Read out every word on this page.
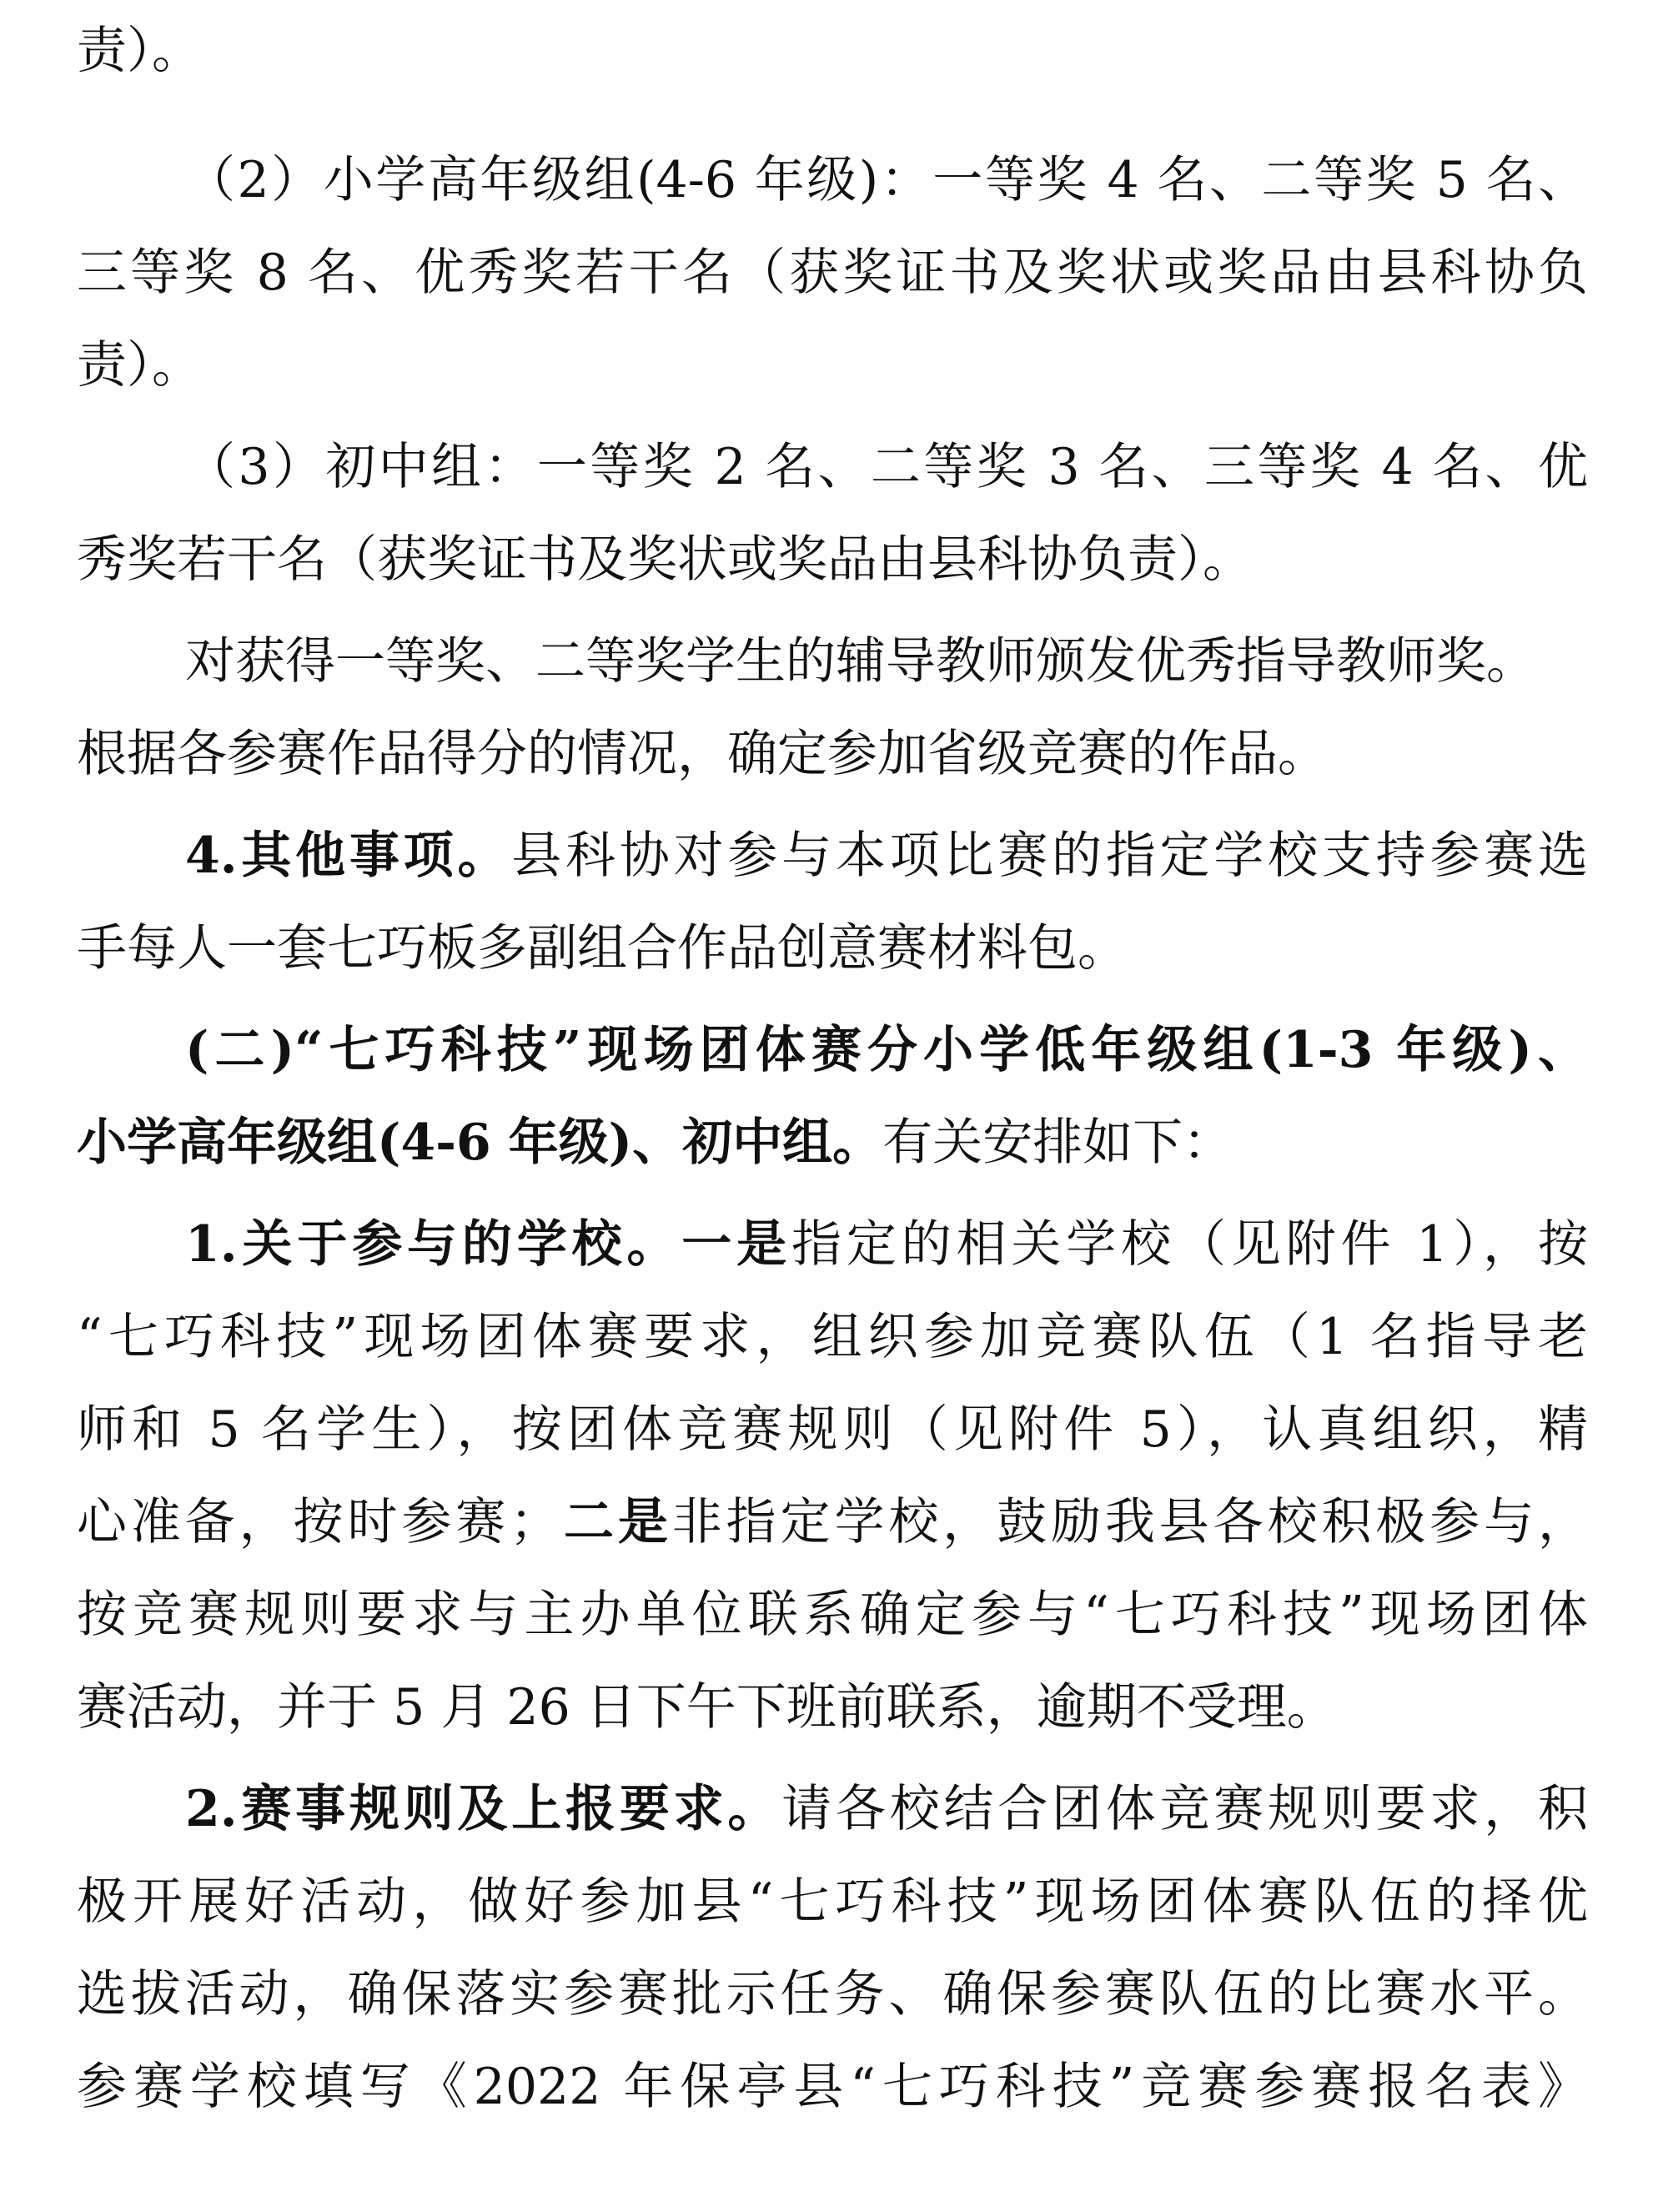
责）。
（2）小学高年级组(4-6 年级)：一等奖 4 名、二等奖 5 名、
三等奖 8 名、优秀奖若干名（获奖证书及奖状或奖品由县科协负
责）。
（3）初中组：一等奖 2 名、二等奖 3 名、三等奖 4 名、优
秀奖若干名（获奖证书及奖状或奖品由县科协负责）。
对获得一等奖、二等奖学生的辅导教师颁发优秀指导教师奖。
根据各参赛作品得分的情况，确定参加省级竞赛的作品。
4.其他事项。县科协对参与本项比赛的指定学校支持参赛选
手每人一套七巧板多副组合作品创意赛材料包。
(二)“七巧科技”现场团体赛分小学低年级组(1-3 年级)、
小学高年级组(4-6 年级)、初中组。有关安排如下：
1.关于参与的学校。一是指定的相关学校（见附件 1），按
“七巧科技”现场团体赛要求，组织参加竞赛队伍（1 名指导老
师和 5 名学生），按团体竞赛规则（见附件 5），认真组织，精
心准备，按时参赛；二是非指定学校，鼓励我县各校积极参与，
按竞赛规则要求与主办单位联系确定参与“七巧科技”现场团体
赛活动，并于 5 月 26 日下午下班前联系，逾期不受理。
2.赛事规则及上报要求。请各校结合团体竞赛规则要求，积
极开展好活动，做好参加县“七巧科技”现场团体赛队伍的择优
选拔活动，确保落实参赛批示任务、确保参赛队伍的比赛水平。
参赛学校填写《2022 年保亭县“七巧科技”竞赛参赛报名表》
